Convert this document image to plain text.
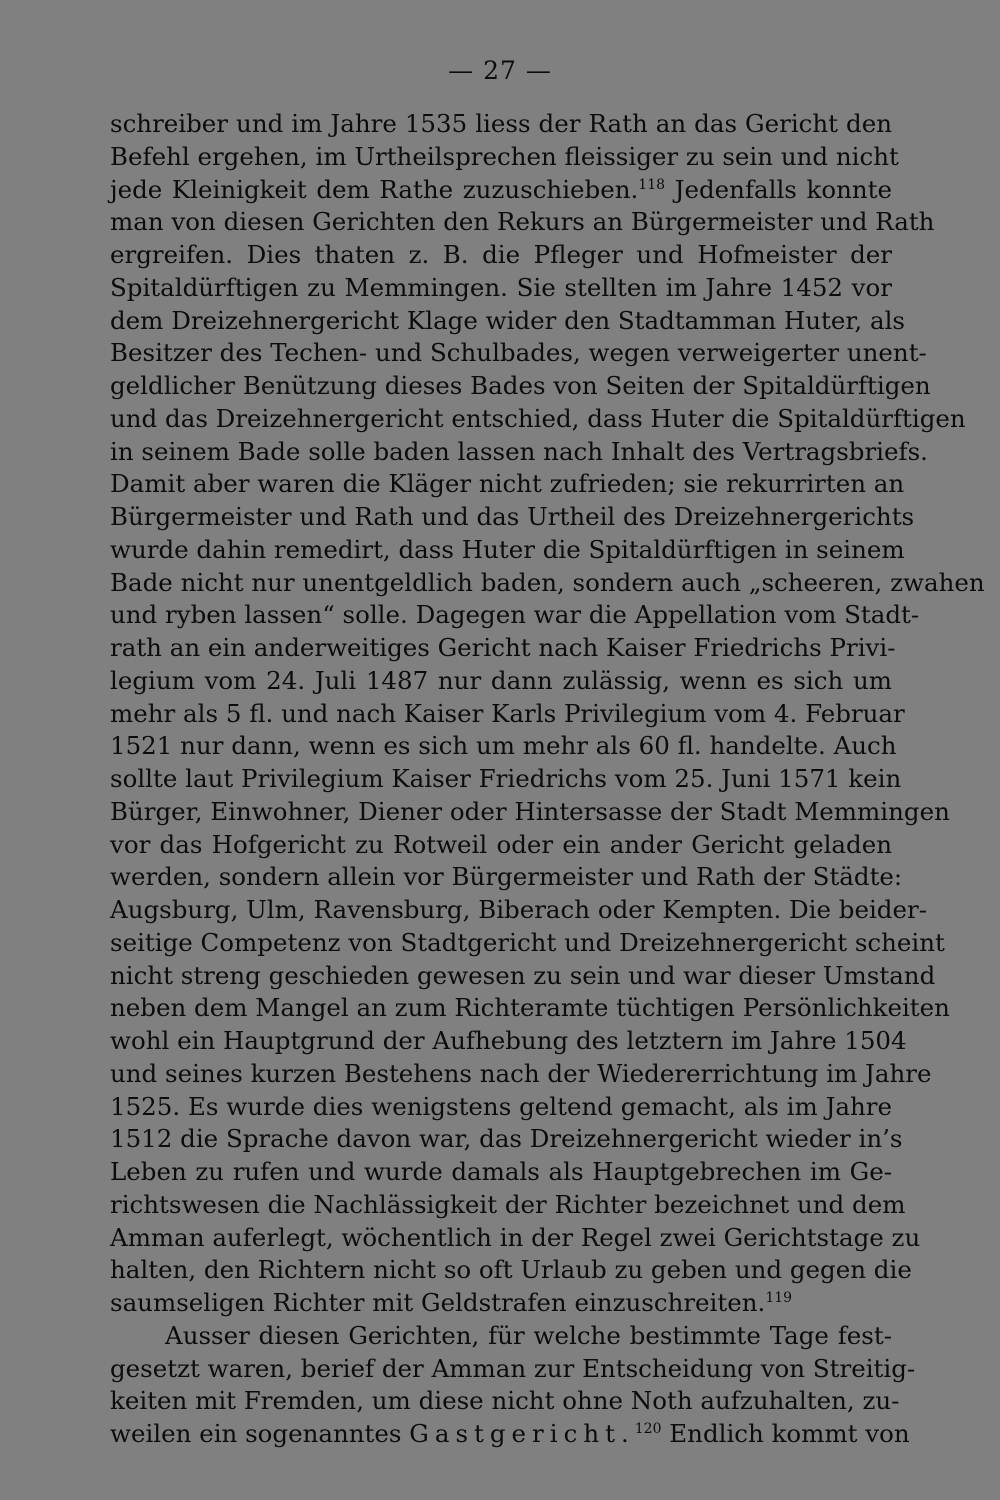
— 27 —
schreiber und im Jahre 1535 liess der Rath an das Gericht den
Befehl ergehen, im Urtheilsprechen fleissiger zu sein und nicht
jede Kleinigkeit dem Rathe zuzuschieben.$^{118}$ Jedenfalls konnte
man von diesen Gerichten den Rekurs an Bürgermeister und Rath
ergreifen. Dies thaten z. B. die Pfleger und Hofmeister der
Spitaldürftigen zu Memmingen. Sie stellten im Jahre 1452 vor
dem Dreizehnergericht Klage wider den Stadtamman Huter, als
Besitzer des Techen- und Schulbades, wegen verweigerter unent-
geldlicher Benützung dieses Bades von Seiten der Spitaldürftigen
und das Dreizehnergericht entschied, dass Huter die Spitaldürftigen
in seinem Bade solle baden lassen nach Inhalt des Vertragsbriefs.
Damit aber waren die Kläger nicht zufrieden; sie rekurrirten an
Bürgermeister und Rath und das Urtheil des Dreizehnergerichts
wurde dahin remedirt, dass Huter die Spitaldürftigen in seinem
Bade nicht nur unentgeldlich baden, sondern auch „scheeren, zwahen
und ryben lassen“ solle. Dagegen war die Appellation vom Stadt-
rath an ein anderweitiges Gericht nach Kaiser Friedrichs Privi-
legium vom 24. Juli 1487 nur dann zulässig, wenn es sich um
mehr als 5 fl. und nach Kaiser Karls Privilegium vom 4. Februar
1521 nur dann, wenn es sich um mehr als 60 fl. handelte. Auch
sollte laut Privilegium Kaiser Friedrichs vom 25. Juni 1571 kein
Bürger, Einwohner, Diener oder Hintersasse der Stadt Memmingen
vor das Hofgericht zu Rotweil oder ein ander Gericht geladen
werden, sondern allein vor Bürgermeister und Rath der Städte:
Augsburg, Ulm, Ravensburg, Biberach oder Kempten. Die beider-
seitige Competenz von Stadtgericht und Dreizehnergericht scheint
nicht streng geschieden gewesen zu sein und war dieser Umstand
neben dem Mangel an zum Richteramte tüchtigen Persönlichkeiten
wohl ein Hauptgrund der Aufhebung des letztern im Jahre 1504
und seines kurzen Bestehens nach der Wiedererrichtung im Jahre
1525. Es wurde dies wenigstens geltend gemacht, als im Jahre
1512 die Sprache davon war, das Dreizehnergericht wieder in’s
Leben zu rufen und wurde damals als Hauptgebrechen im Ge-
richtswesen die Nachlässigkeit der Richter bezeichnet und dem
Amman auferlegt, wöchentlich in der Regel zwei Gerichtstage zu
halten, den Richtern nicht so oft Urlaub zu geben und gegen die
saumseligen Richter mit Geldstrafen einzuschreiten.$^{119}$
Ausser diesen Gerichten, für welche bestimmte Tage fest-
gesetzt waren, berief der Amman zur Entscheidung von Streitig-
keiten mit Fremden, um diese nicht ohne Noth aufzuhalten, zu-
weilen ein sogenanntes Gastgericht.$^{120}$ Endlich kommt von
